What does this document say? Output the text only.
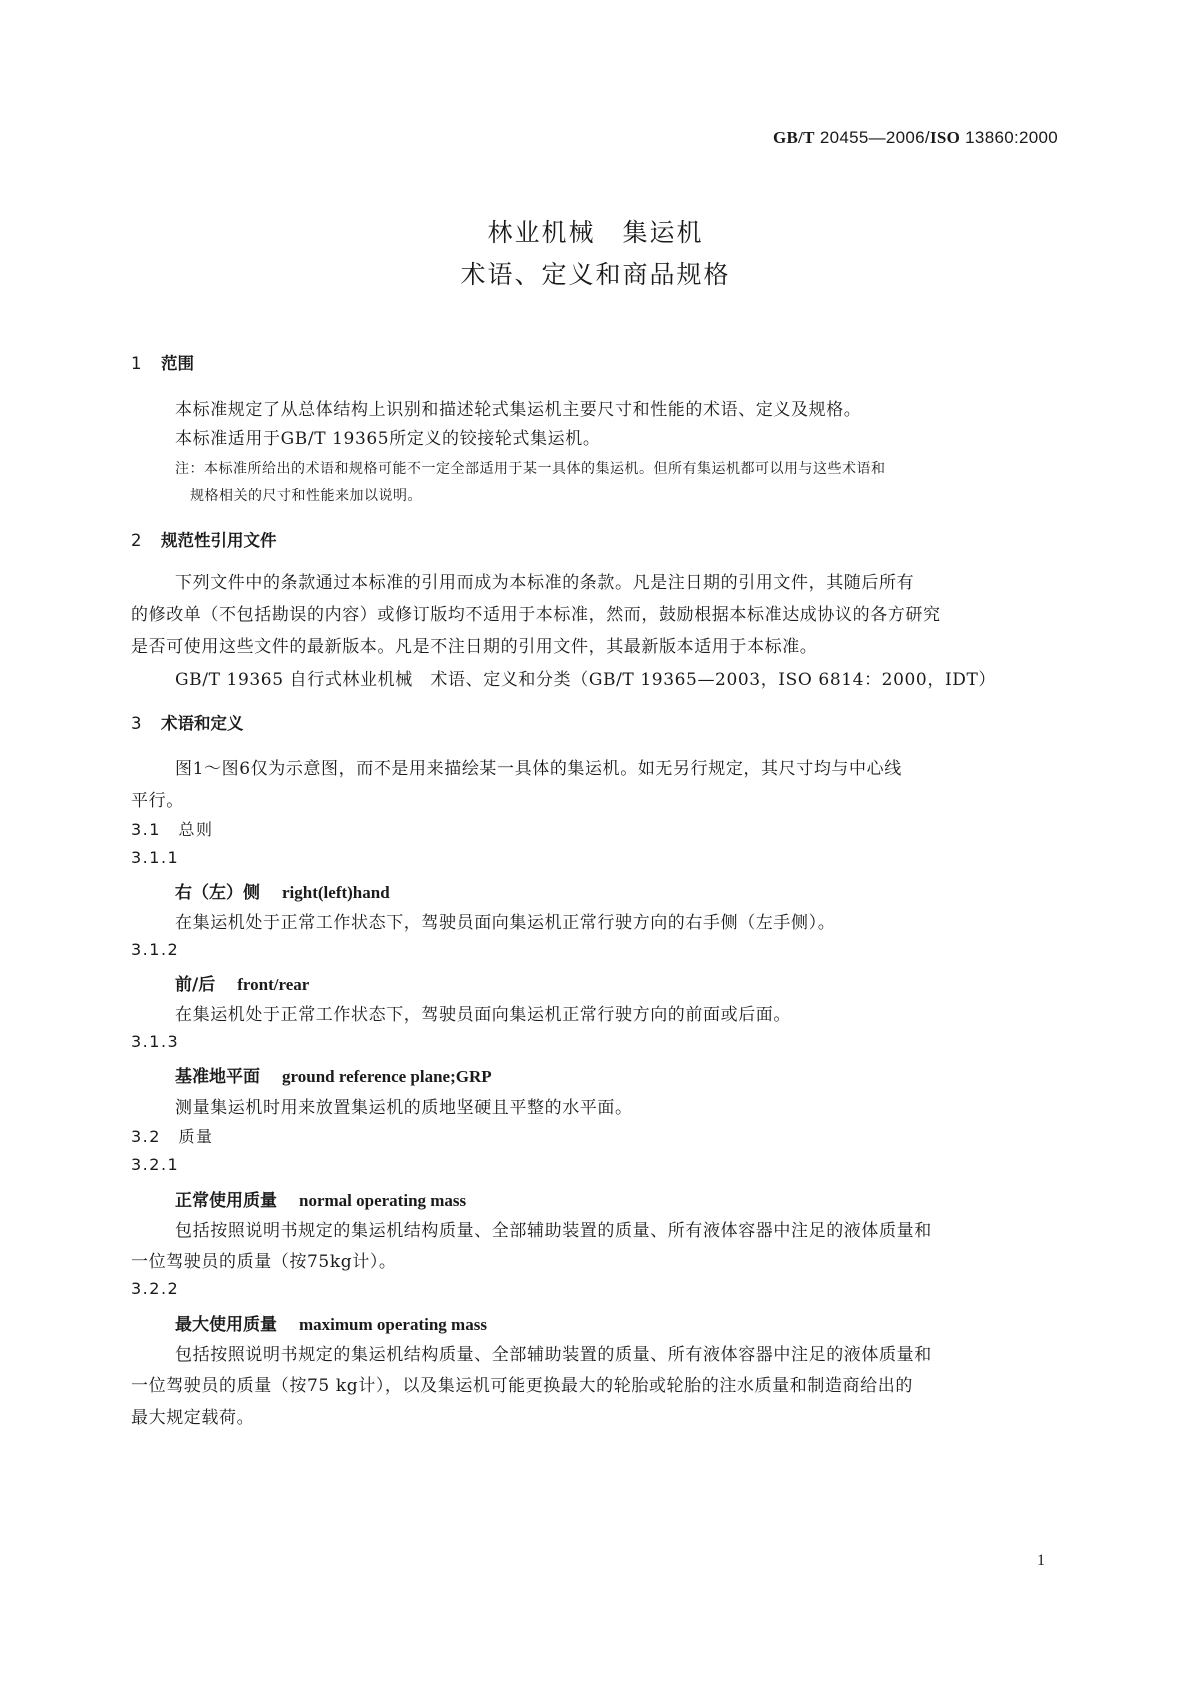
GB/T 20455—2006/ISO 13860:2000
林业机械　集运机
术语、定义和商品规格
1 范围
本标准规定了从总体结构上识别和描述轮式集运机主要尺寸和性能的术语、定义及规格。
本标准适用于GB/T 19365所定义的铰接轮式集运机。
注：本标准所给出的术语和规格可能不一定全部适用于某一具体的集运机。但所有集运机都可以用与这些术语和
规格相关的尺寸和性能来加以说明。
2 规范性引用文件
下列文件中的条款通过本标准的引用而成为本标准的条款。凡是注日期的引用文件，其随后所有
的修改单（不包括勘误的内容）或修订版均不适用于本标准，然而，鼓励根据本标准达成协议的各方研究
是否可使用这些文件的最新版本。凡是不注日期的引用文件，其最新版本适用于本标准。
GB/T 19365 自行式林业机械　术语、定义和分类（GB/T 19365—2003，ISO 6814：2000，IDT）
3 术语和定义
图1～图6仅为示意图，而不是用来描绘某一具体的集运机。如无另行规定，其尺寸均与中心线
平行。
3.1　总则
3.1.1
右（左）侧 right(left)hand
在集运机处于正常工作状态下，驾驶员面向集运机正常行驶方向的右手侧（左手侧）。
3.1.2
前/后 front/rear
在集运机处于正常工作状态下，驾驶员面向集运机正常行驶方向的前面或后面。
3.1.3
基准地平面 ground reference plane;GRP
测量集运机时用来放置集运机的质地坚硬且平整的水平面。
3.2　质量
3.2.1
正常使用质量 normal operating mass
包括按照说明书规定的集运机结构质量、全部辅助装置的质量、所有液体容器中注足的液体质量和
一位驾驶员的质量（按75kg计）。
3.2.2
最大使用质量 maximum operating mass
包括按照说明书规定的集运机结构质量、全部辅助装置的质量、所有液体容器中注足的液体质量和
一位驾驶员的质量（按75 kg计），以及集运机可能更换最大的轮胎或轮胎的注水质量和制造商给出的
最大规定载荷。
1
